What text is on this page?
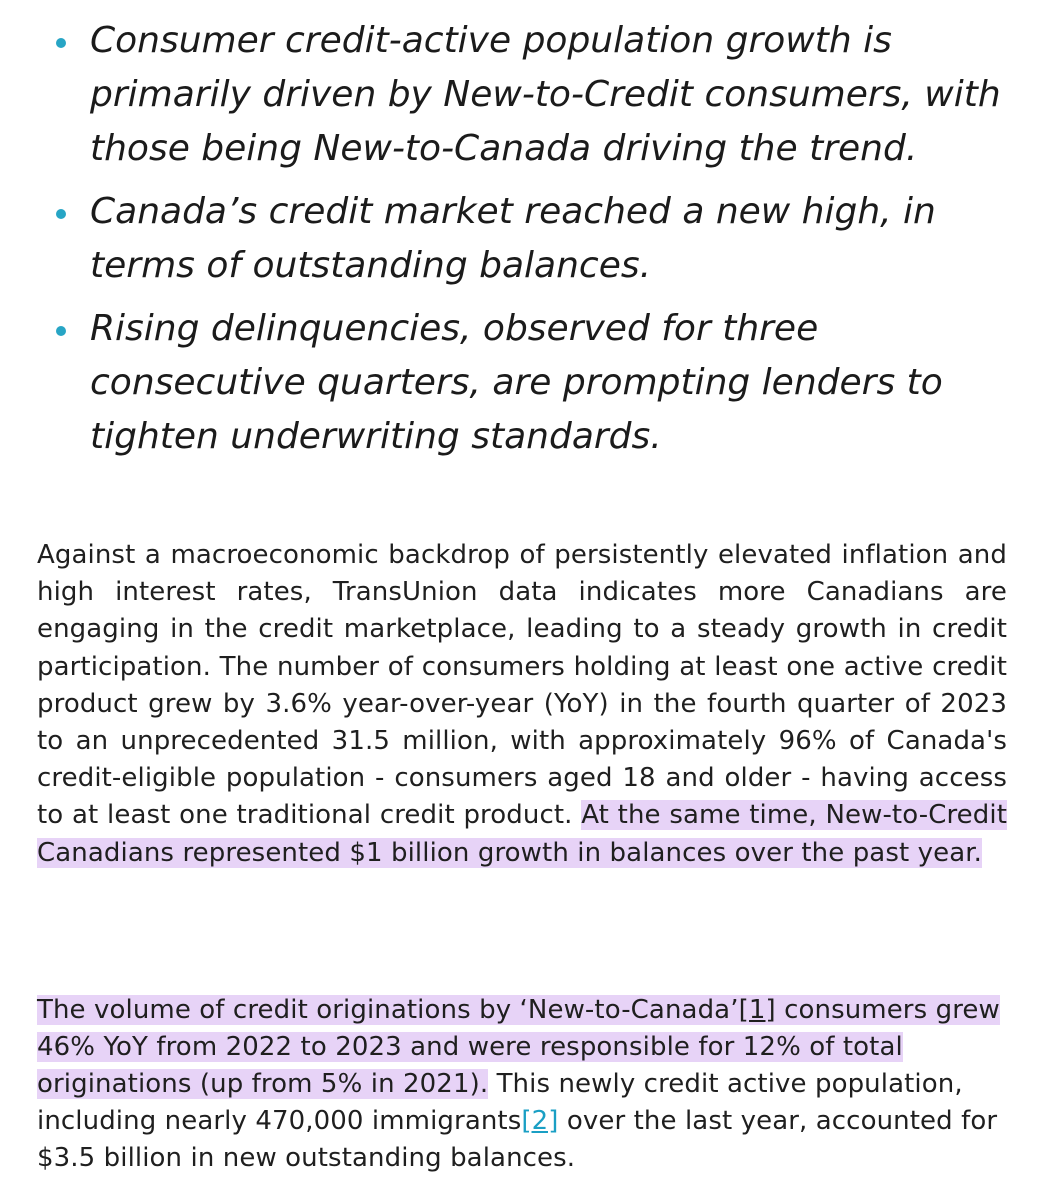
Consumer credit-active population growth is primarily driven by New-to-Credit consumers, with those being New-to-Canada driving the trend.
Canada’s credit market reached a new high, in terms of outstanding balances.
Rising delinquencies, observed for three consecutive quarters, are prompting lenders to tighten underwriting standards.

Against a macroeconomic backdrop of persistently elevated inflation and high interest rates, TransUnion data indicates more Canadians are engaging in the credit marketplace, leading to a steady growth in credit participation. The number of consumers holding at least one active credit product grew by 3.6% year-over-year (YoY) in the fourth quarter of 2023 to an unprecedented 31.5 million, with approximately 96% of Canada's credit-eligible population - consumers aged 18 and older - having access to at least one traditional credit product. At the same time, New-to-Credit Canadians represented $1 billion growth in balances over the past year.

The volume of credit originations by ‘New-to-Canada’[1] consumers grew 46% YoY from 2022 to 2023 and were responsible for 12% of total originations (up from 5% in 2021). This newly credit active population, including nearly 470,000 immigrants[2] over the last year, accounted for $3.5 billion in new outstanding balances.
